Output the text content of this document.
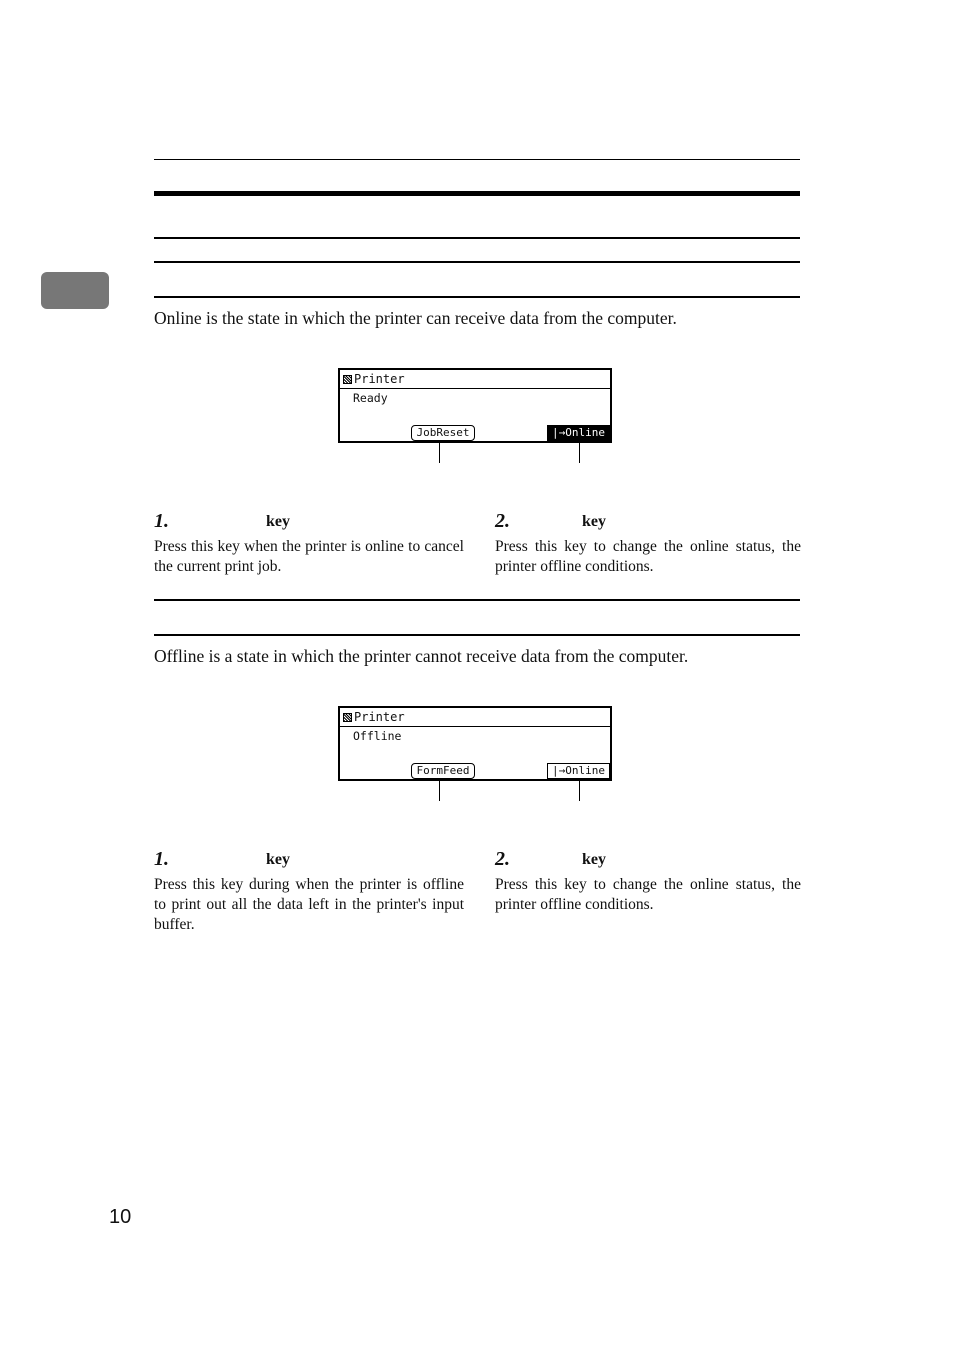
Online is the state in which the printer can receive data from the computer.
Printer
Ready
JobReset	|→Online
1.	key
Press this key when the printer is online to cancel the current print job.
2.	key
Press this key to change the online status, the printer offline conditions.
Offline is a state in which the printer cannot receive data from the computer.
Printer
Offline
FormFeed	|→Online
1.	key
Press this key during when the printer is offline to print out all the data left in the printer's input buffer.
2.	key
Press this key to change the online status, the printer offline conditions.
10
